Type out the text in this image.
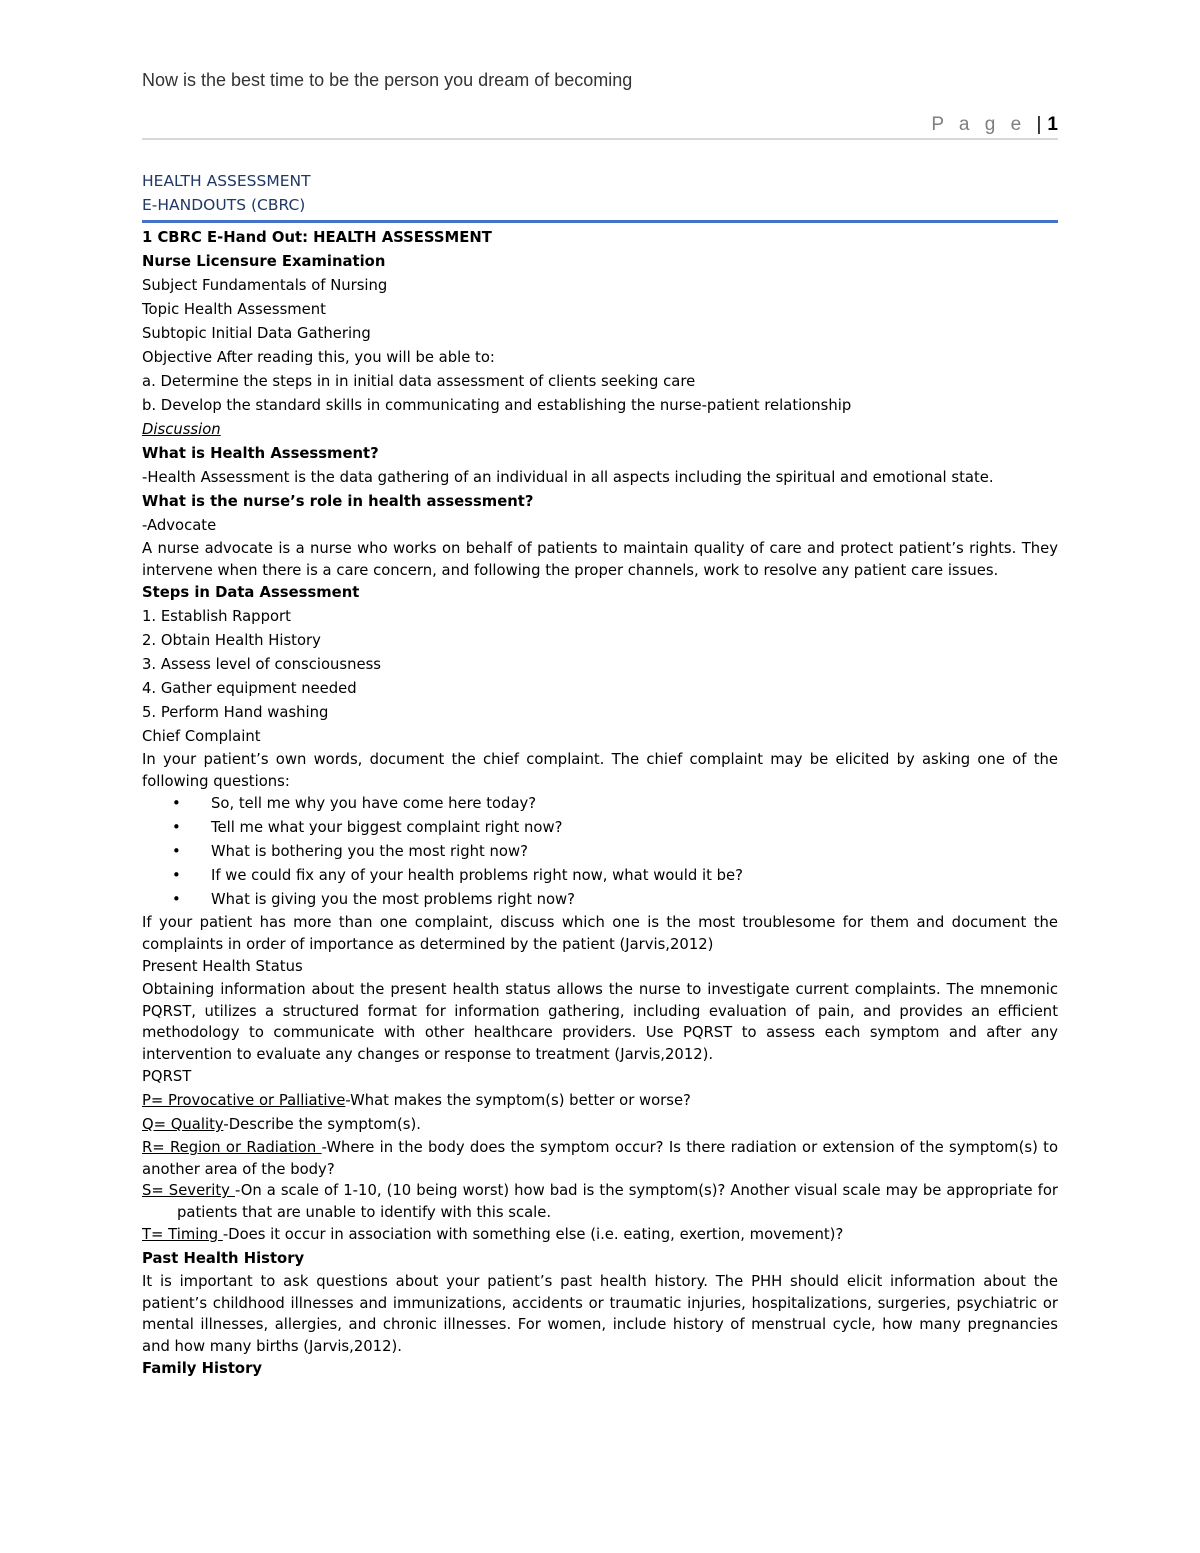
Now is the best time to be the person you dream of becoming
P a g e | 1
HEALTH ASSESSMENT
E-HANDOUTS (CBRC)

1 CBRC E-Hand Out: HEALTH ASSESSMENT

Nurse Licensure Examination

Subject Fundamentals of Nursing

Topic Health Assessment

Subtopic Initial Data Gathering

Objective After reading this, you will be able to:

a. Determine the steps in in initial data assessment of clients seeking care

b. Develop the standard skills in communicating and establishing the nurse-patient relationship

Discussion

What is Health Assessment?

-Health Assessment is the data gathering of an individual in all aspects including the spiritual and emotional state.

What is the nurse’s role in health assessment?

-Advocate

A nurse advocate is a nurse who works on behalf of patients to maintain quality of care and protect patient’s rights. They intervene when there is a care concern, and following the proper channels, work to resolve any patient care issues.

Steps in Data Assessment

1. Establish Rapport

2. Obtain Health History

3. Assess level of consciousness

4. Gather equipment needed

5. Perform Hand washing

Chief Complaint

In your patient’s own words, document the chief complaint. The chief complaint may be elicited by asking one of the following questions:

• So, tell me why you have come here today?
• Tell me what your biggest complaint right now?
• What is bothering you the most right now?
• If we could fix any of your health problems right now, what would it be?
• What is giving you the most problems right now?

If your patient has more than one complaint, discuss which one is the most troublesome for them and document the complaints in order of importance as determined by the patient (Jarvis,2012)

Present Health Status

Obtaining information about the present health status allows the nurse to investigate current complaints. The mnemonic PQRST, utilizes a structured format for information gathering, including evaluation of pain, and provides an efficient methodology to communicate with other healthcare providers. Use PQRST to assess each symptom and after any intervention to evaluate any changes or response to treatment (Jarvis,2012).

PQRST

P= Provocative or Palliative-What makes the symptom(s) better or worse?

Q= Quality-Describe the symptom(s).

R= Region or Radiation -Where in the body does the symptom occur? Is there radiation or extension of the symptom(s) to another area of the body?

S= Severity -On a scale of 1-10, (10 being worst) how bad is the symptom(s)? Another visual scale may be appropriate for patients that are unable to identify with this scale.

T= Timing -Does it occur in association with something else (i.e. eating, exertion, movement)?

Past Health History

It is important to ask questions about your patient’s past health history. The PHH should elicit information about the patient’s childhood illnesses and immunizations, accidents or traumatic injuries, hospitalizations, surgeries, psychiatric or mental illnesses, allergies, and chronic illnesses. For women, include history of menstrual cycle, how many pregnancies and how many births (Jarvis,2012).

Family History
